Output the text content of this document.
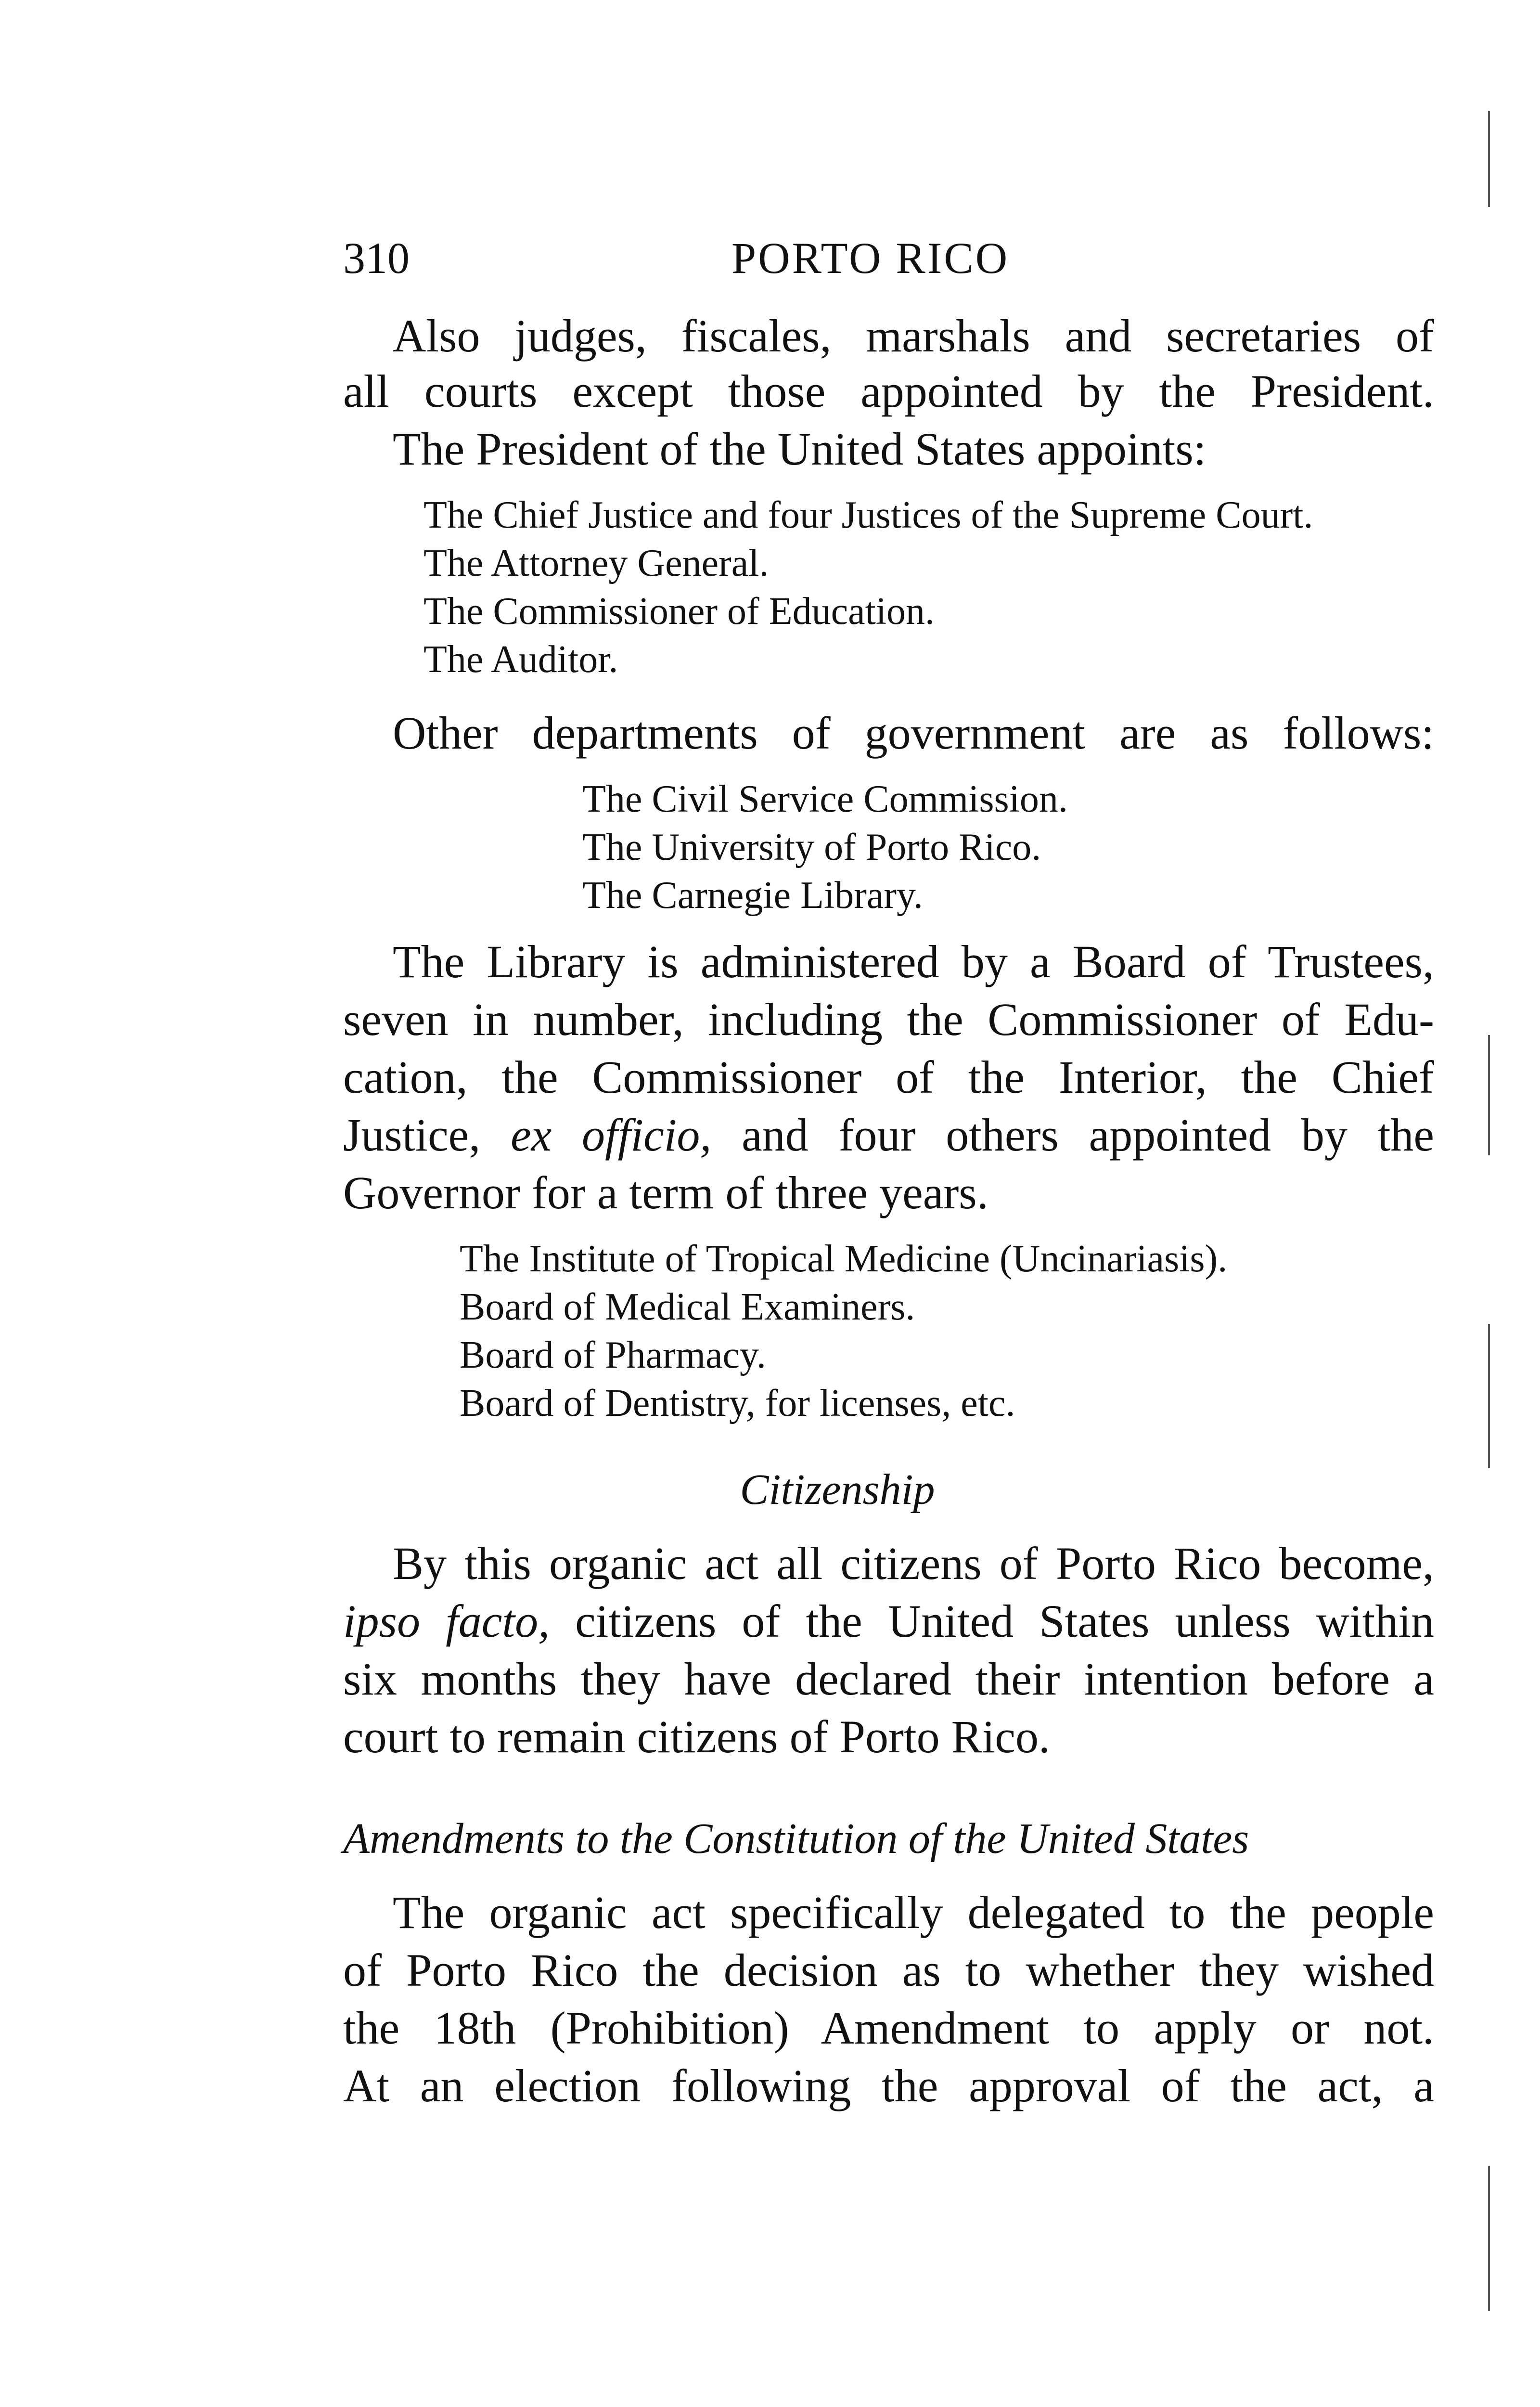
310	PORTO RICO
Also judges, fiscales, marshals and secretaries of
all courts except those appointed by the President.
The President of the United States appoints:
The Chief Justice and four Justices of the Supreme Court.
The Attorney General.
The Commissioner of Education.
The Auditor.
Other departments of government are as follows:
The Civil Service Commission.
The University of Porto Rico.
The Carnegie Library.
The Library is administered by a Board of Trustees,
seven in number, including the Commissioner of Edu-
cation, the Commissioner of the Interior, the Chief
Justice, ex officio, and four others appointed by the
Governor for a term of three years.
The Institute of Tropical Medicine (Uncinariasis).
Board of Medical Examiners.
Board of Pharmacy.
Board of Dentistry, for licenses, etc.
Citizenship
By this organic act all citizens of Porto Rico become,
ipso facto, citizens of the United States unless within
six months they have declared their intention before a
court to remain citizens of Porto Rico.
Amendments to the Constitution of the United States
The organic act specifically delegated to the people
of Porto Rico the decision as to whether they wished
the 18th (Prohibition) Amendment to apply or not.
At an election following the approval of the act, a
